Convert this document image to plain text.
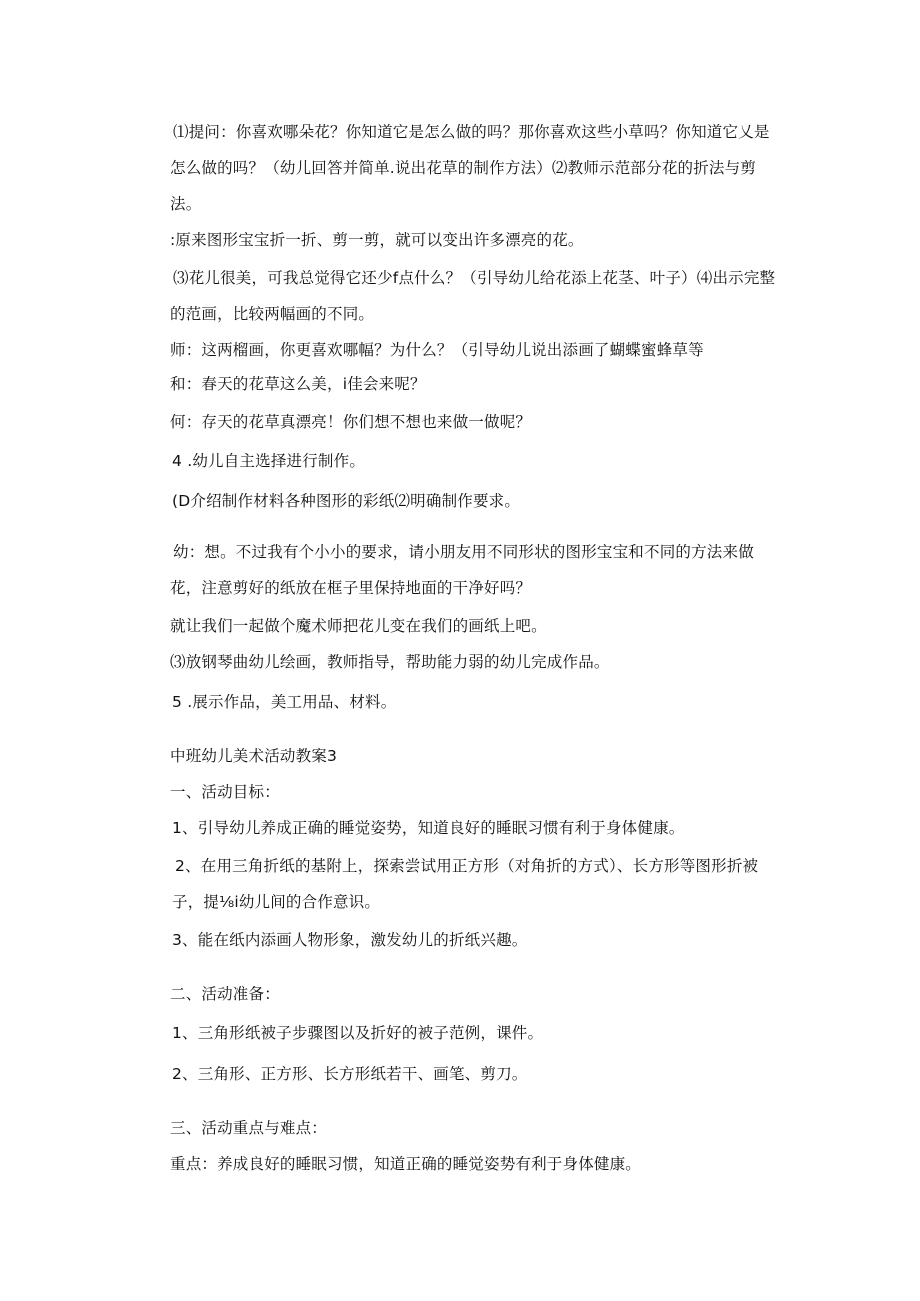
⑴提问：你喜欢哪朵花？你知道它是怎么做的吗？那你喜欢这些小草吗？你知道它乂是怎么做的吗？（幼儿回答并简单.说出花草的制作方法）⑵教师示范部分花的折法与剪法。
:原来图形宝宝折一折、剪一剪，就可以变出许多漂亮的花。
⑶花儿很美，可我总觉得它还少f点什么？（引导幼儿给花添上花茎、叶子）⑷出示完整的范画，比较两幅画的不同。
师：这两榴画，你更喜欢哪幅？为什么？（引导幼儿说出添画了蝴蝶蜜蜂草等
和：春天的花草这么美，i佳会来呢？
何：存天的花草真漂亮！你们想不想也来做一做呢？
4 .幼儿自主选择进行制作。
(D介绍制作材料各种图形的彩纸⑵明确制作要求。
幼：想。不过我有个小小的要求，请小朋友用不同形状的图形宝宝和不同的方法来做花，注意剪好的纸放在框子里保持地面的干净好吗？
就让我们一起做个魔术师把花儿变在我们的画纸上吧。
⑶放钢琴曲幼儿绘画，教师指导，帮助能力弱的幼儿完成作品。
5 .展示作品，美工用品、材料。
中班幼儿美术活动教案3
一、活动目标：
1、引导幼儿养成正确的睡觉姿势，知道良好的睡眠习惯有利于身体健康。
2、在用三角折纸的基附上，探索尝试用正方形（对角折的方式）、长方形等图形折被子，提⅛i幼儿间的合作意识。
3、能在纸内添画人物形象，激发幼儿的折纸兴趣。
二、活动准备：
1、三角形纸被子步骤图以及折好的被子范例，课件。
2、三角形、正方形、长方形纸若干、画笔、剪刀。
三、活动重点与难点：
重点：养成良好的睡眠习惯，知道正确的睡觉姿势有利于身体健康。
